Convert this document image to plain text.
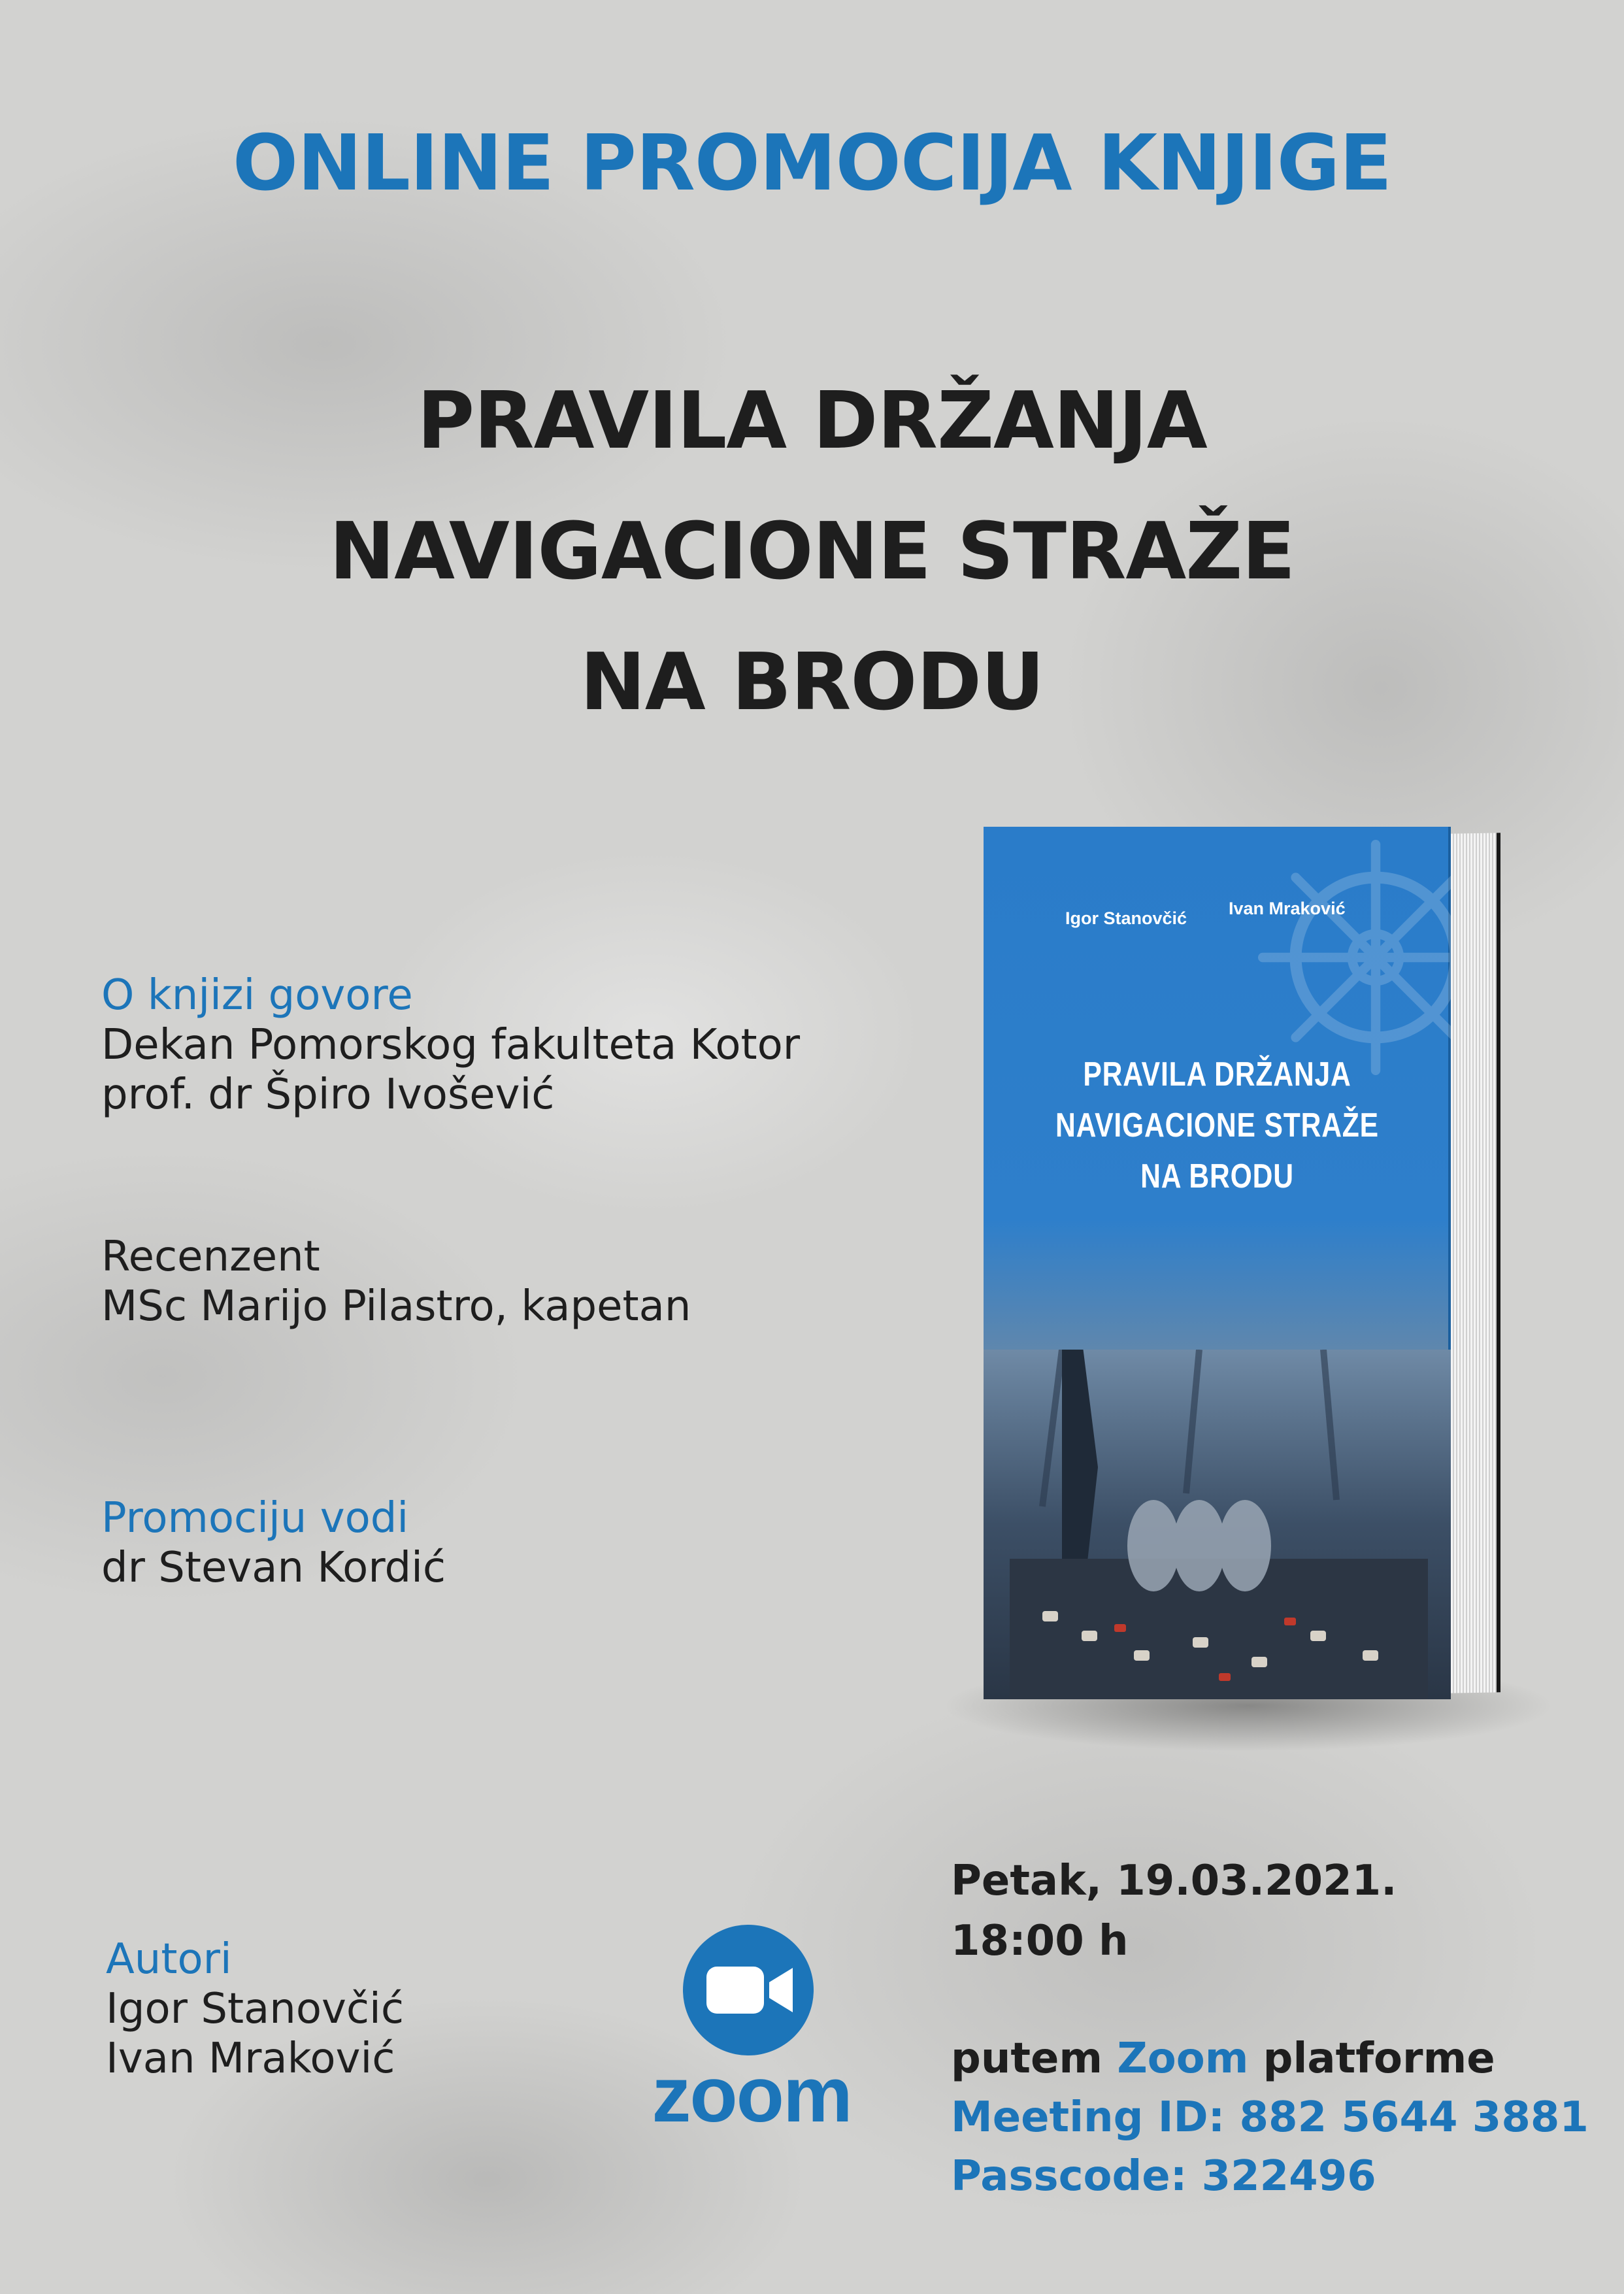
ONLINE PROMOCIJA KNJIGE
PRAVILA DRŽANJA
NAVIGACIONE STRAŽE
NA BRODU
O knjizi govore
Dekan Pomorskog fakulteta Kotor
prof. dr Špiro Ivošević
Recenzent
MSc Marijo Pilastro, kapetan
Promociju vodi
dr Stevan Kordić
Autori
Igor Stanovčić
Ivan Mraković
Igor Stanovčić Ivan Mraković
PRAVILA DRŽANJA
NAVIGACIONE STRAŽE
NA BRODU
zoom
Petak, 19.03.2021.
18:00 h
putem Zoom platforme
Meeting ID: 882 5644 3881
Passcode: 322496
